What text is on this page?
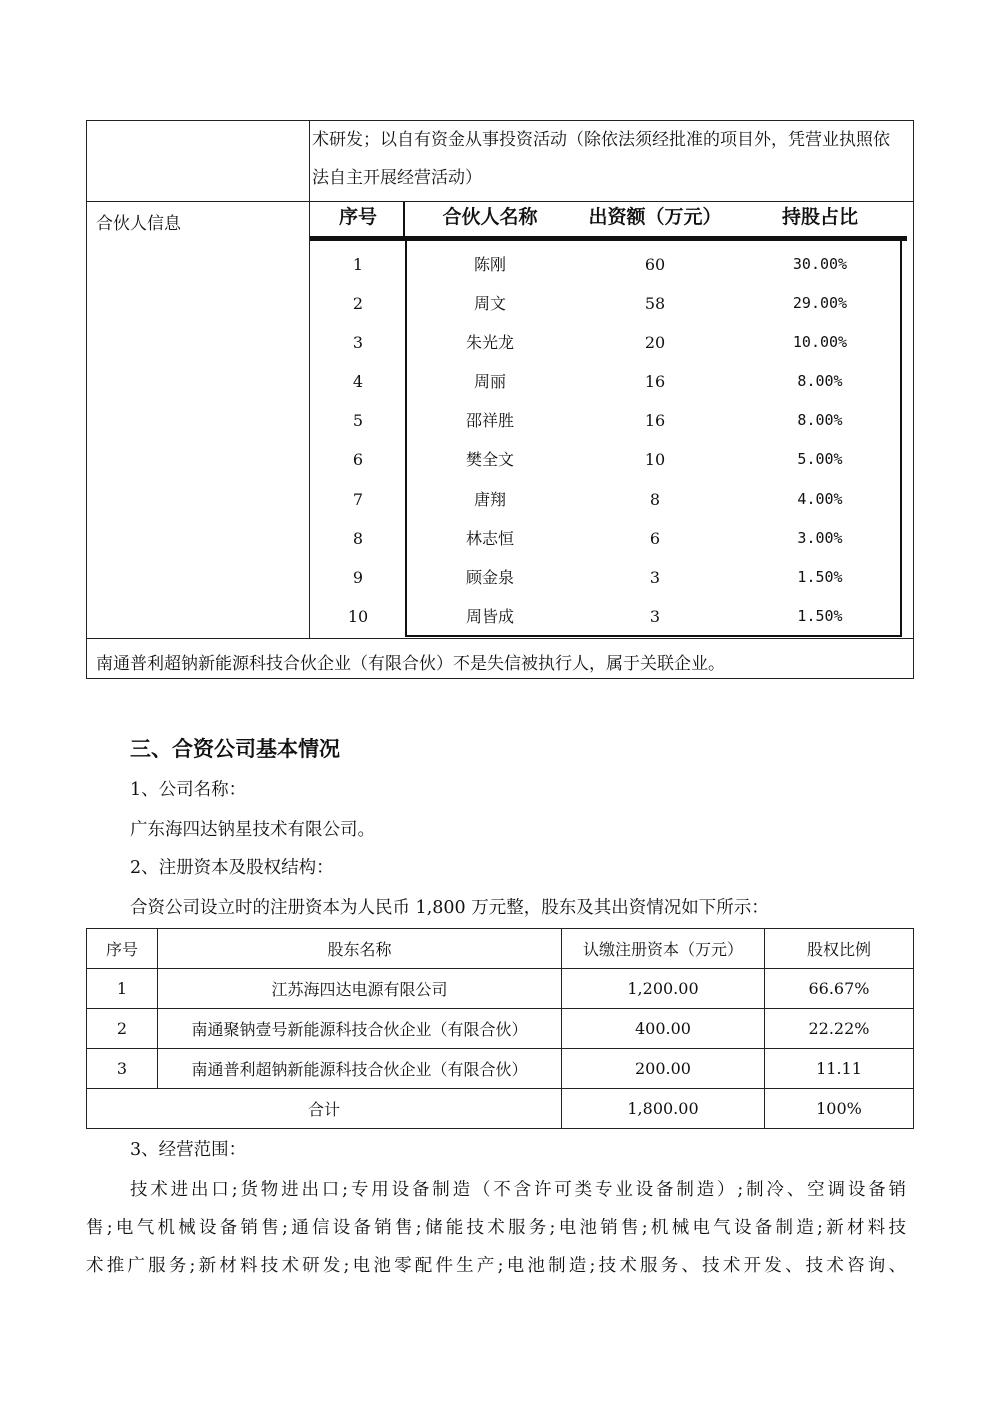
术研发；以自有资金从事投资活动（除依法须经批准的项目外，凭营业执照依
法自主开展经营活动）
合伙人信息	序号	合伙人名称	出资额（万元）	持股占比
1	陈刚	60	30.00%
2	周文	58	29.00%
3	朱光龙	20	10.00%
4	周丽	16	8.00%
5	邵祥胜	16	8.00%
6	樊全文	10	5.00%
7	唐翔	8	4.00%
8	林志恒	6	3.00%
9	顾金泉	3	1.50%
10	周皆成	3	1.50%
南通普利超钠新能源科技合伙企业（有限合伙）不是失信被执行人，属于关联企业。
三、合资公司基本情况
1、公司名称：
广东海四达钠星技术有限公司。
2、注册资本及股权结构：
合资公司设立时的注册资本为人民币 1,800 万元整，股东及其出资情况如下所示：
序号	股东名称	认缴注册资本（万元）	股权比例
1	江苏海四达电源有限公司	1,200.00	66.67%
2	南通聚钠壹号新能源科技合伙企业（有限合伙）	400.00	22.22%
3	南通普利超钠新能源科技合伙企业（有限合伙）	200.00	11.11
合计		1,800.00	100%
3、经营范围：
技术进出口;货物进出口;专用设备制造（不含许可类专业设备制造）;制冷、空调设备销
售;电气机械设备销售;通信设备销售;储能技术服务;电池销售;机械电气设备制造;新材料技
术推广服务;新材料技术研发;电池零配件生产;电池制造;技术服务、技术开发、技术咨询、
